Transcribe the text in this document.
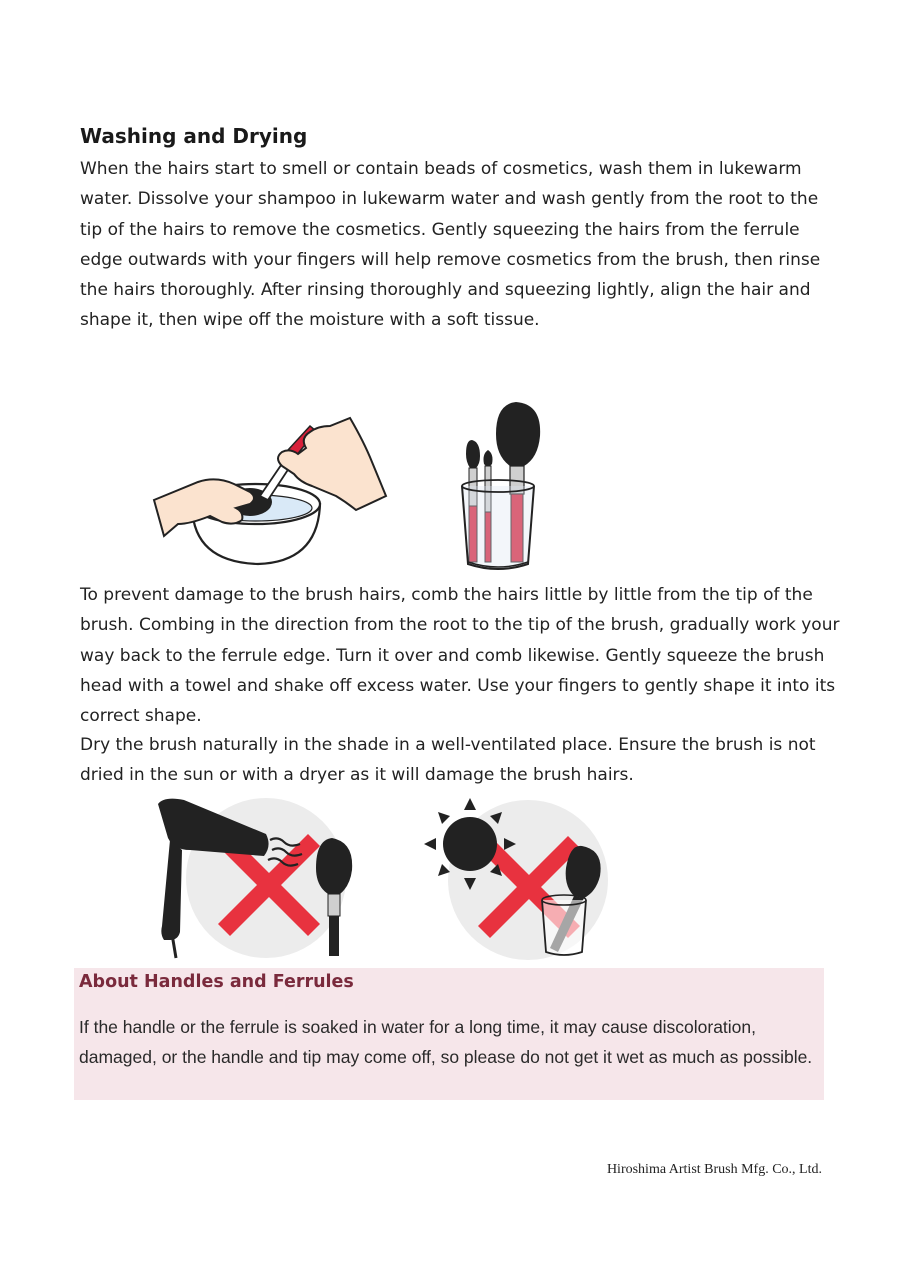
Washing and Drying

When the hairs start to smell or contain beads of cosmetics, wash them in lukewarm water. Dissolve your shampoo in lukewarm water and wash gently from the root to the tip of the hairs to remove the cosmetics. Gently squeezing the hairs from the ferrule edge outwards with your fingers will help remove cosmetics from the brush, then rinse the hairs thoroughly. After rinsing thoroughly and squeezing lightly, align the hair and shape it, then wipe off the moisture with a soft tissue.

To prevent damage to the brush hairs, comb the hairs little by little from the tip of the brush. Combing in the direction from the root to the tip of the brush, gradually work your way back to the ferrule edge. Turn it over and comb likewise. Gently squeeze the brush head with a towel and shake off excess water. Use your fingers to gently shape it into its correct shape.

Dry the brush naturally in the shade in a well-ventilated place. Ensure the brush is not dried in the sun or with a dryer as it will damage the brush hairs.

About Handles and Ferrules

If the handle or the ferrule is soaked in water for a long time, it may cause discoloration, damaged, or the handle and tip may come off, so please do not get it wet as much as possible.

Hiroshima Artist Brush Mfg. Co., Ltd.
